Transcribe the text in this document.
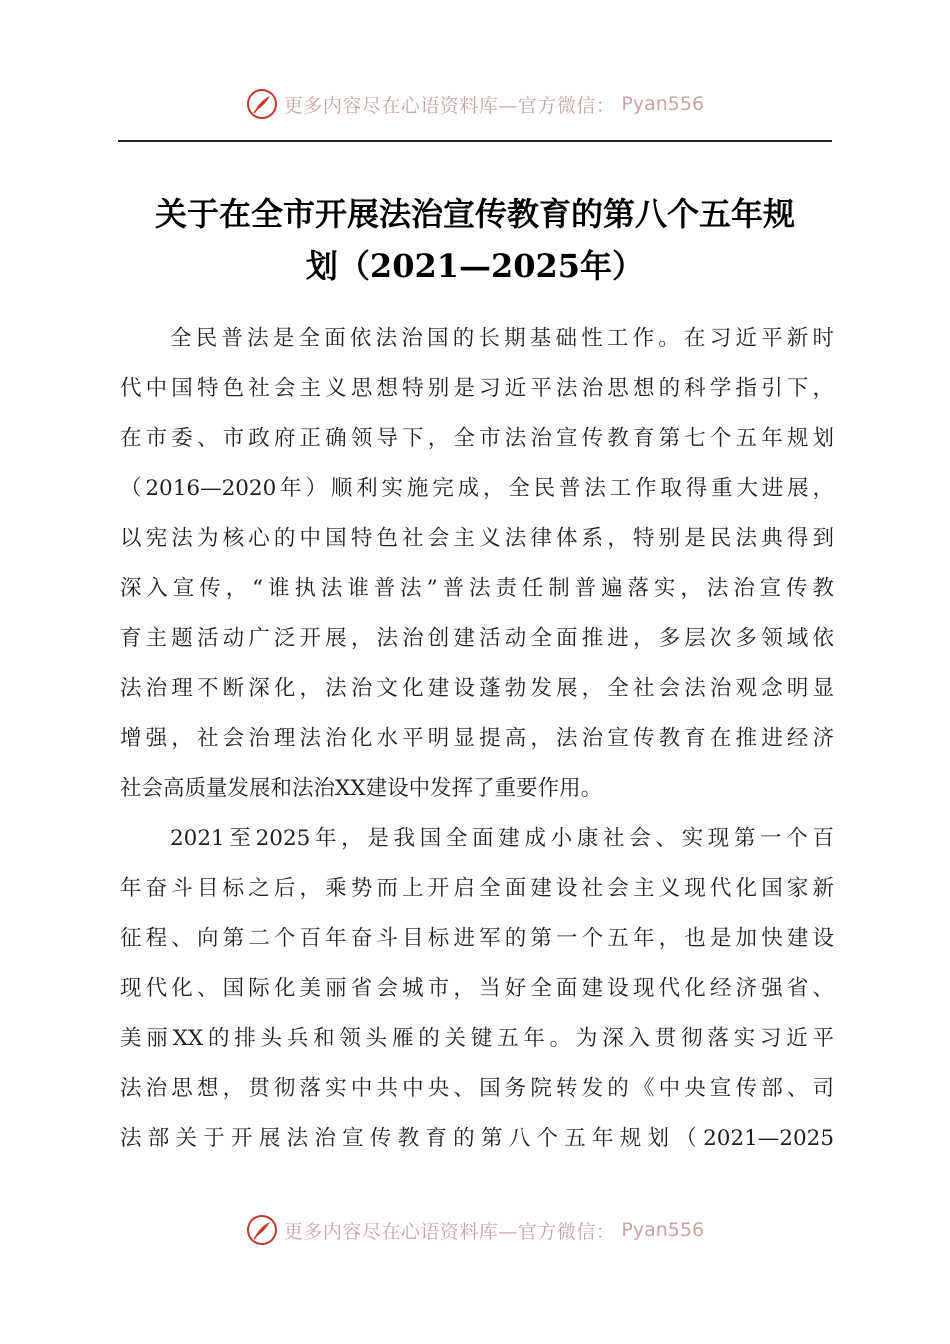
更多内容尽在心语资料库—官方微信： Pyan556
关于在全市开展法治宣传教育的第八个五年规
划（2021—2025年）

全民普法是全面依法治国的长期基础性工作。在习近平新时
代中国特色社会主义思想特别是习近平法治思想的科学指引下，
在市委、市政府正确领导下，全市法治宣传教育第七个五年规划
（2016—2020年）顺利实施完成，全民普法工作取得重大进展，
以宪法为核心的中国特色社会主义法律体系，特别是民法典得到
深入宣传，“谁执法谁普法”普法责任制普遍落实，法治宣传教
育主题活动广泛开展，法治创建活动全面推进，多层次多领域依
法治理不断深化，法治文化建设蓬勃发展，全社会法治观念明显
增强，社会治理法治化水平明显提高，法治宣传教育在推进经济
社会高质量发展和法治XX建设中发挥了重要作用。

2021至2025年，是我国全面建成小康社会、实现第一个百
年奋斗目标之后，乘势而上开启全面建设社会主义现代化国家新
征程、向第二个百年奋斗目标进军的第一个五年，也是加快建设
现代化、国际化美丽省会城市，当好全面建设现代化经济强省、
美丽XX的排头兵和领头雁的关键五年。为深入贯彻落实习近平
法治思想，贯彻落实中共中央、国务院转发的《中央宣传部、司
法部关于开展法治宣传教育的第八个五年规划（2021—2025

更多内容尽在心语资料库—官方微信： Pyan556
